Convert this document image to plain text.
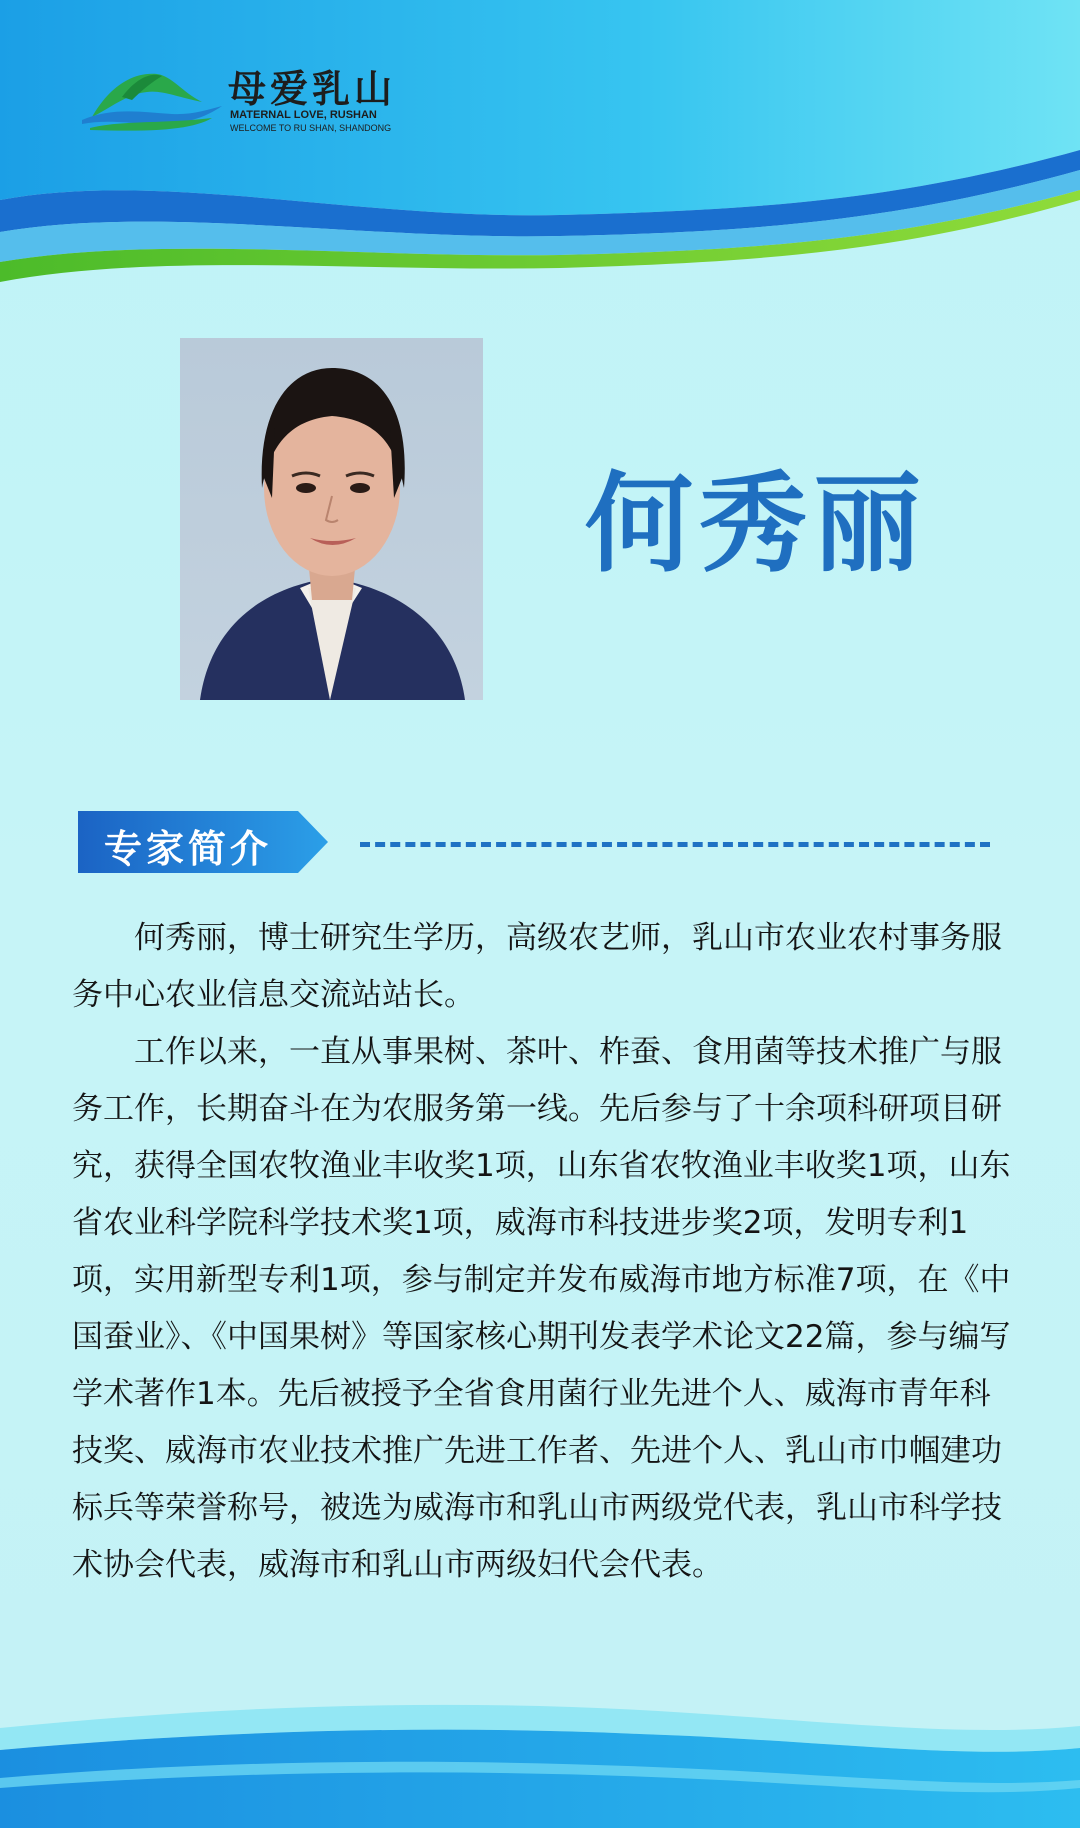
母爱乳山
MATERNAL LOVE, RUSHAN
WELCOME TO RU SHAN, SHANDONG
何秀丽
专家简介

何秀丽，博士研究生学历，高级农艺师，乳山市农业农村事务服务中心农业信息交流站站长。

工作以来，一直从事果树、茶叶、柞蚕、食用菌等技术推广与服务工作，长期奋斗在为农服务第一线。先后参与了十余项科研项目研究，获得全国农牧渔业丰收奖1项，山东省农牧渔业丰收奖1项，山东省农业科学院科学技术奖1项，威海市科技进步奖2项，发明专利1项，实用新型专利1项，参与制定并发布威海市地方标准7项，在《中国蚕业》、《中国果树》等国家核心期刊发表学术论文22篇，参与编写学术著作1本。先后被授予全省食用菌行业先进个人、威海市青年科技奖、威海市农业技术推广先进工作者、先进个人、乳山市巾帼建功标兵等荣誉称号，被选为威海市和乳山市两级党代表，乳山市科学技术协会代表，威海市和乳山市两级妇代会代表。
